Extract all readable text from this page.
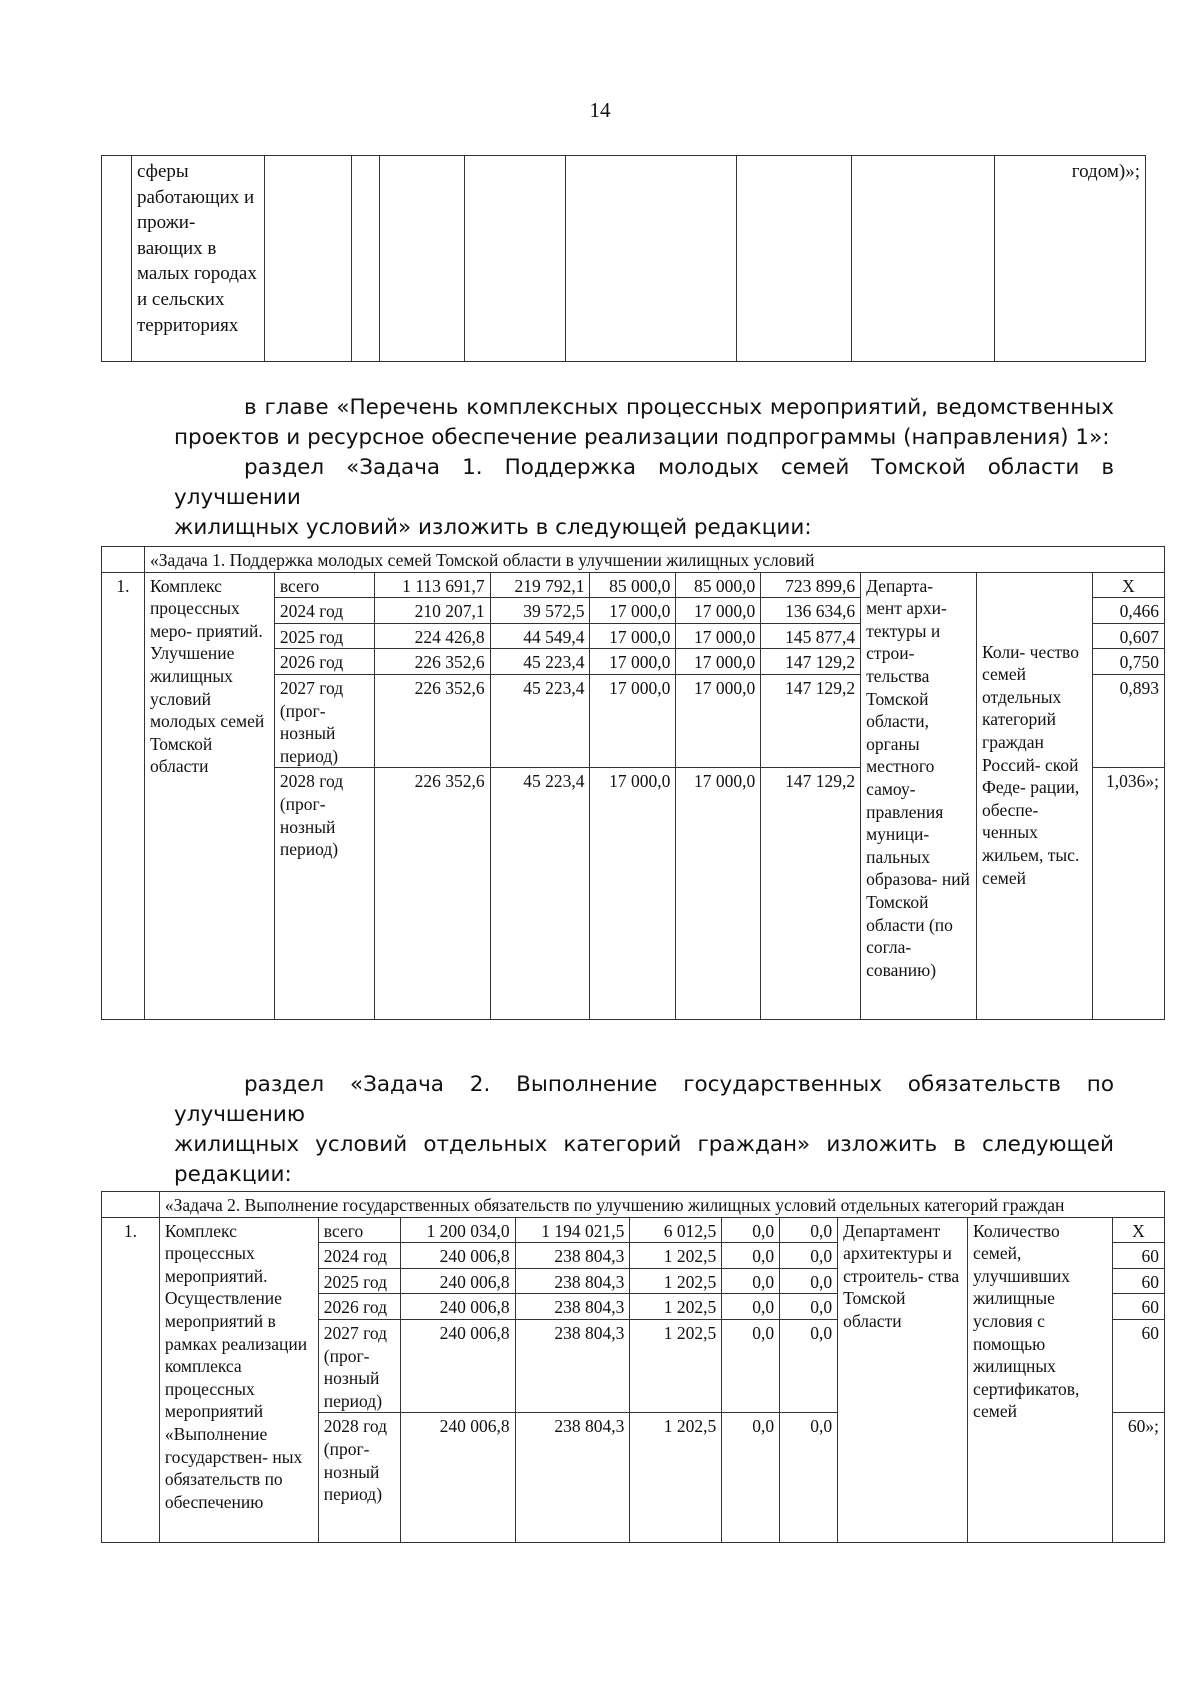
14
	сферы работающих и прожи- вающих в малых городах и сельских территориях								годом)»;
в главе «Перечень комплексных процессных мероприятий, ведомственных
проектов и ресурсное обеспечение реализации подпрограммы (направления) 1»:
раздел «Задача 1. Поддержка молодых семей Томской области в улучшении
жилищных условий» изложить в следующей редакции:
	«Задача 1. Поддержка молодых семей Томской области в улучшении жилищных условий									
1.	Комплекс процессных меро- приятий. Улучшение жилищных условий молодых семей Томской области	всего	1 113 691,7	219 792,1	85 000,0	85 000,0	723 899,6	Департа- мент архи- тектуры и строи- тельства Томской области, органы местного самоу- правления муници- пальных образова- ний Томской области (по согла- сованию)	Коли- чество семей отдельных категорий граждан Россий- ской Феде- рации, обеспе- ченных жильем, тыс. семей	Х
		2024 год	210 207,1	39 572,5	17 000,0	17 000,0	136 634,6			0,466
		2025 год	224 426,8	44 549,4	17 000,0	17 000,0	145 877,4			0,607
		2026 год	226 352,6	45 223,4	17 000,0	17 000,0	147 129,2			0,750
		2027 год (прог- нозный период)	226 352,6	45 223,4	17 000,0	17 000,0	147 129,2			0,893
		2028 год (прог- нозный период)	226 352,6	45 223,4	17 000,0	17 000,0	147 129,2			1,036»;
раздел «Задача 2. Выполнение государственных обязательств по улучшению
жилищных условий отдельных категорий граждан» изложить в следующей
редакции:
	«Задача 2. Выполнение государственных обязательств по улучшению жилищных условий отдельных категорий граждан									
1.	Комплекс процессных мероприятий. Осуществление мероприятий в рамках реализации комплекса процессных мероприятий «Выполнение государствен- ных обязательств по обеспечению	всего	1 200 034,0	1 194 021,5	6 012,5	0,0	0,0	Департамент архитектуры и строитель- ства Томской области	Количество семей, улучшивших жилищные условия с помощью жилищных сертификатов, семей	Х
		2024 год	240 006,8	238 804,3	1 202,5	0,0	0,0			60
		2025 год	240 006,8	238 804,3	1 202,5	0,0	0,0			60
		2026 год	240 006,8	238 804,3	1 202,5	0,0	0,0			60
		2027 год (прог- нозный период)	240 006,8	238 804,3	1 202,5	0,0	0,0			60
		2028 год (прог- нозный период)	240 006,8	238 804,3	1 202,5	0,0	0,0			60»;
